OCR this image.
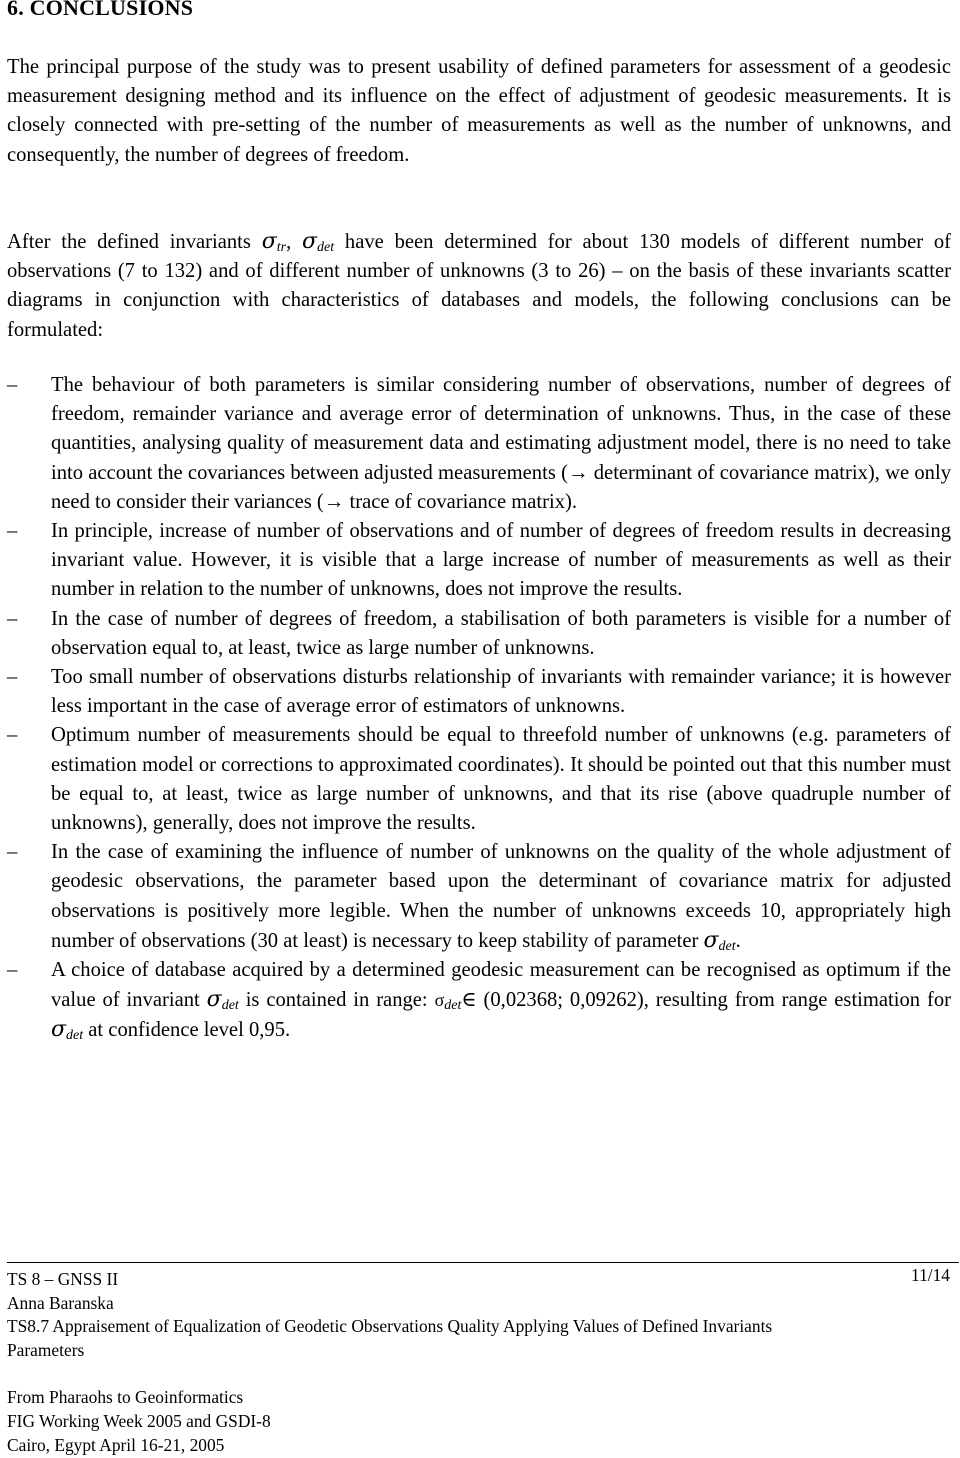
6. CONCLUSIONS

The principal purpose of the study was to present usability of defined parameters for assessment of a geodesic measurement designing method and its influence on the effect of adjustment of geodesic measurements. It is closely connected with pre-setting of the number of measurements as well as the number of unknowns, and consequently, the number of degrees of freedom.

After the defined invariants $\sigma_{tr}$, $\sigma_{det}$ have been determined for about 130 models of different number of observations (7 to 132) and of different number of unknowns (3 to 26) – on the basis of these invariants scatter diagrams in conjunction with characteristics of databases and models, the following conclusions can be formulated:

–	The behaviour of both parameters is similar considering number of observations, number of degrees of freedom, remainder variance and average error of determination of unknowns. Thus, in the case of these quantities, analysing quality of measurement data and estimating adjustment model, there is no need to take into account the covariances between adjusted measurements (→ determinant of covariance matrix), we only need to consider their variances (→ trace of covariance matrix).
–	In principle, increase of number of observations and of number of degrees of freedom results in decreasing invariant value. However, it is visible that a large increase of number of measurements as well as their number in relation to the number of unknowns, does not improve the results.
–	In the case of number of degrees of freedom, a stabilisation of both parameters is visible for a number of observation equal to, at least, twice as large number of unknowns.
–	Too small number of observations disturbs relationship of invariants with remainder variance; it is however less important in the case of average error of estimators of unknowns.
–	Optimum number of measurements should be equal to threefold number of unknowns (e.g. parameters of estimation model or corrections to approximated coordinates). It should be pointed out that this number must be equal to, at least, twice as large number of unknowns, and that its rise (above quadruple number of unknowns), generally, does not improve the results.
–	In the case of examining the influence of number of unknowns on the quality of the whole adjustment of geodesic observations, the parameter based upon the determinant of covariance matrix for adjusted observations is positively more legible. When the number of unknowns exceeds 10, appropriately high number of observations (30 at least) is necessary to keep stability of parameter $\sigma_{det}$.
–	A choice of database acquired by a determined geodesic measurement can be recognised as optimum if the value of invariant $\sigma_{det}$ is contained in range: $\sigma_{det}\in$ (0,02368; 0,09262), resulting from range estimation for $\sigma_{det}$ at confidence level 0,95.

TS 8 – GNSS II

Anna Baranska

TS8.7 Appraisement of Equalization of Geodetic Observations Quality Applying Values of Defined Invariants

Parameters

From Pharaohs to Geoinformatics

FIG Working Week 2005 and GSDI-8

Cairo, Egypt April 16-21, 2005

11/14
